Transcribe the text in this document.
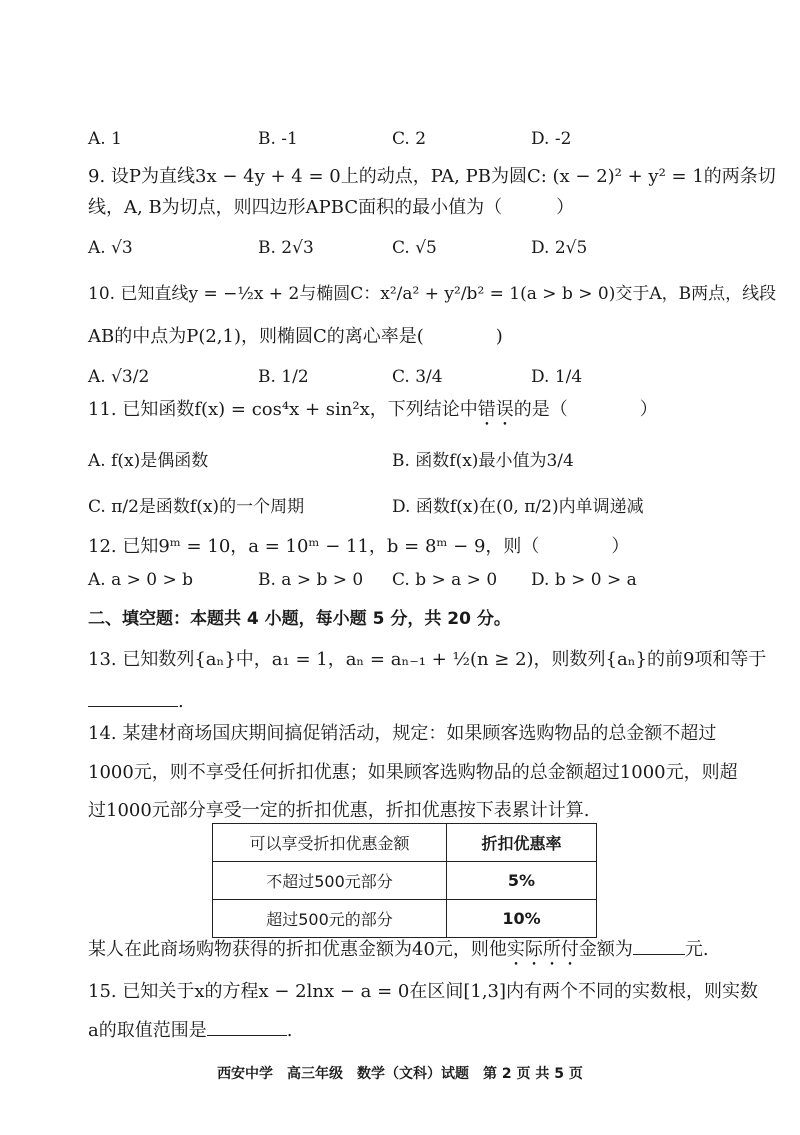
A. 1	B. -1	C. 2	D. -2
9. 设P为直线3x − 4y + 4 = 0上的动点，PA, PB为圆C: (x − 2)² + y² = 1的两条切
线，A, B为切点，则四边形APBC面积的最小值为（　　　）
A. √3	B. 2√3	C. √5	D. 2√5
10. 已知直线y = −½x + 2与椭圆C：x²/a² + y²/b² = 1(a > b > 0)交于A，B两点，线段
AB的中点为P(2,1)，则椭圆C的离心率是(　　　　)
A. √3/2	B. 1/2	C. 3/4	D. 1/4
11. 已知函数f(x) = cos⁴x + sin²x，下列结论中错误的是（　　　　）
A. f(x)是偶函数	B. 函数f(x)最小值为3/4
C. π/2是函数f(x)的一个周期	D. 函数f(x)在(0, π/2)内单调递减
12. 已知9ᵐ = 10，a = 10ᵐ − 11，b = 8ᵐ − 9，则（　　　　）
A. a > 0 > b	B. a > b > 0 C. b > a > 0 D. b > 0 > a
二、填空题：本题共 4 小题，每小题 5 分，共 20 分。
13. 已知数列{aₙ}中，a₁ = 1，aₙ = aₙ₋₁ + ½(n ≥ 2)，则数列{aₙ}的前9项和等于
.
14. 某建材商场国庆期间搞促销活动，规定：如果顾客选购物品的总金额不超过
1000元，则不享受任何折扣优惠；如果顾客选购物品的总金额超过1000元，则超
过1000元部分享受一定的折扣优惠，折扣优惠按下表累计计算.
可以享受折扣优惠金额	折扣优惠率
不超过500元部分	5%
超过500元的部分	10%
某人在此商场购物获得的折扣优惠金额为40元，则他实际所付金额为	元.
15. 已知关于x的方程x − 2lnx − a = 0在区间[1,3]内有两个不同的实数根，则实数
a的取值范围是	.
西安中学　高三年级　数学（文科）试题　第 2 页 共 5 页
